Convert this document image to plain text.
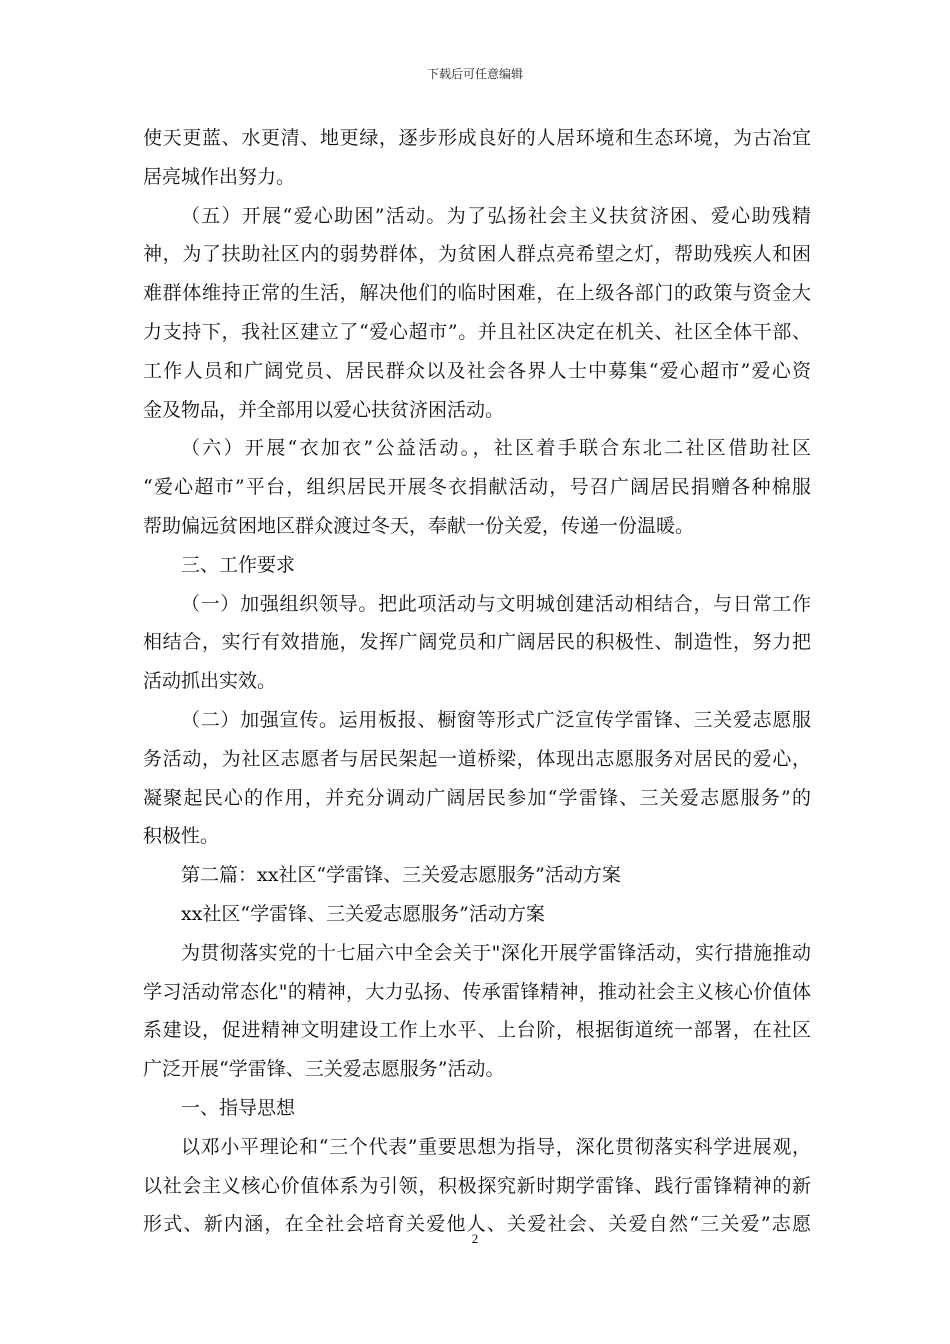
下载后可任意编辑
使天更蓝、水更清、地更绿，逐步形成良好的人居环境和生态环境，为古冶宜
居亮城作出努力。
（五）开展“爱心助困”活动。为了弘扬社会主义扶贫济困、爱心助残精
神，为了扶助社区内的弱势群体，为贫困人群点亮希望之灯，帮助残疾人和困
难群体维持正常的生活，解决他们的临时困难，在上级各部门的政策与资金大
力支持下，我社区建立了“爱心超市”。并且社区决定在机关、社区全体干部、
工作人员和广阔党员、居民群众以及社会各界人士中募集“爱心超市”爱心资
金及物品，并全部用以爱心扶贫济困活动。
（六）开展“衣加衣”公益活动。，社区着手联合东北二社区借助社区
“爱心超市”平台，组织居民开展冬衣捐献活动，号召广阔居民捐赠各种棉服
帮助偏远贫困地区群众渡过冬天，奉献一份关爱，传递一份温暖。
三、工作要求
（一）加强组织领导。把此项活动与文明城创建活动相结合，与日常工作
相结合，实行有效措施，发挥广阔党员和广阔居民的积极性、制造性，努力把
活动抓出实效。
（二）加强宣传。运用板报、橱窗等形式广泛宣传学雷锋、三关爱志愿服
务活动，为社区志愿者与居民架起一道桥梁，体现出志愿服务对居民的爱心，
凝聚起民心的作用，并充分调动广阔居民参加“学雷锋、三关爱志愿服务”的
积极性。
第二篇：xx社区“学雷锋、三关爱志愿服务”活动方案
xx社区“学雷锋、三关爱志愿服务”活动方案
为贯彻落实党的十七届六中全会关于"深化开展学雷锋活动，实行措施推动
学习活动常态化"的精神，大力弘扬、传承雷锋精神，推动社会主义核心价值体
系建设，促进精神文明建设工作上水平、上台阶，根据街道统一部署，在社区
广泛开展“学雷锋、三关爱志愿服务”活动。
一、指导思想
以邓小平理论和“三个代表”重要思想为指导，深化贯彻落实科学进展观，
以社会主义核心价值体系为引领，积极探究新时期学雷锋、践行雷锋精神的新
形式、新内涵，在全社会培育关爱他人、关爱社会、关爱自然“三关爱”志愿
2
